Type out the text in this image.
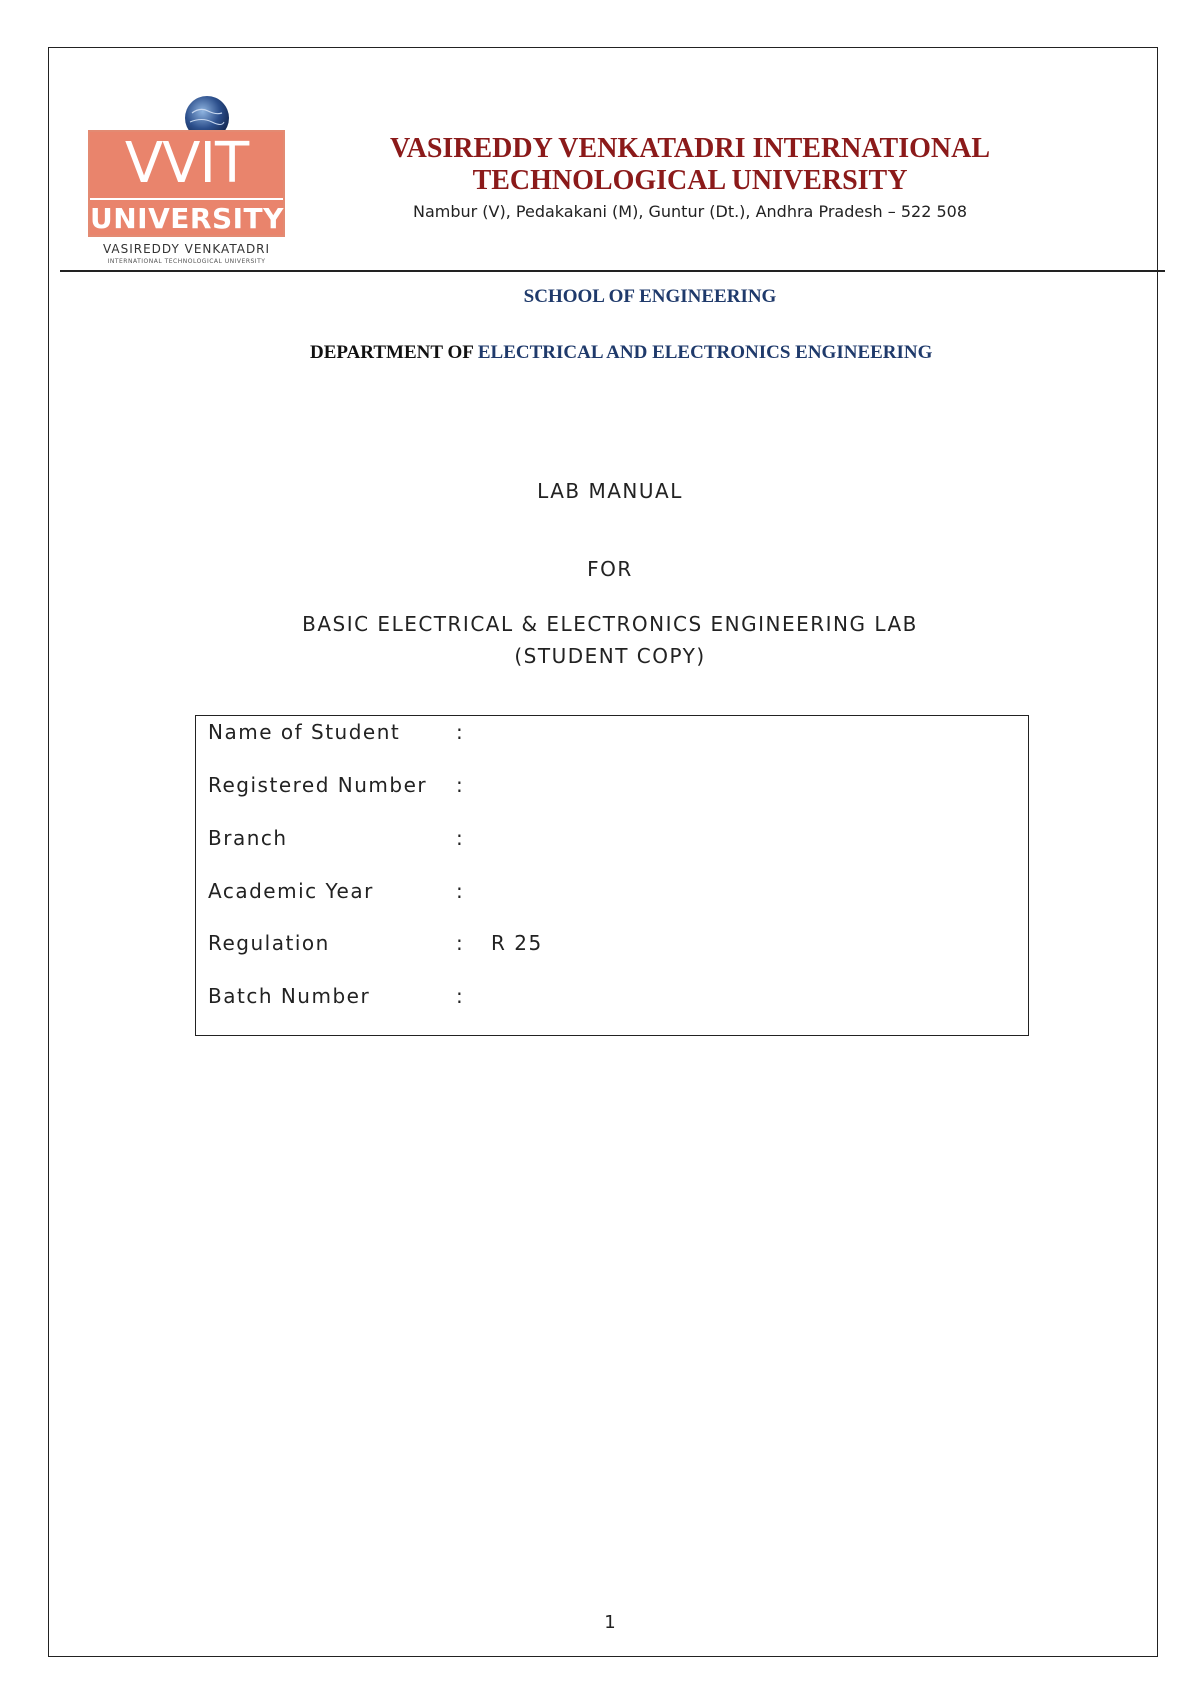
VVIT
UNIVERSITY
VASIREDDY VENKATADRI
INTERNATIONAL TECHNOLOGICAL UNIVERSITY
VASIREDDY VENKATADRI INTERNATIONAL
TECHNOLOGICAL UNIVERSITY
Nambur (V), Pedakakani (M), Guntur (Dt.), Andhra Pradesh – 522 508
SCHOOL OF ENGINEERING
DEPARTMENT OF ELECTRICAL AND ELECTRONICS ENGINEERING
LAB MANUAL
FOR
BASIC ELECTRICAL & ELECTRONICS ENGINEERING LAB
(STUDENT COPY)
Name of Student	:
Registered Number :
Branch	:
Academic Year	:
Regulation	: R 25
Batch Number	:
1
